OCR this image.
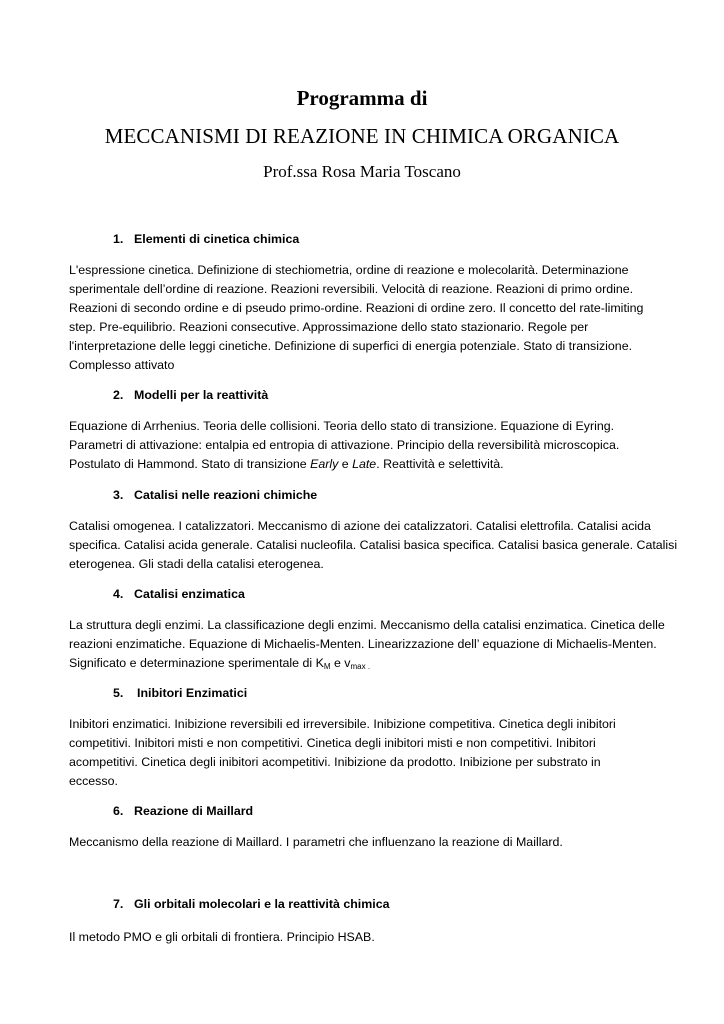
Programma di
MECCANISMI DI REAZIONE IN CHIMICA ORGANICA
Prof.ssa Rosa Maria Toscano
1. Elementi di cinetica chimica
L'espressione cinetica. Definizione di stechiometria, ordine di reazione e molecolarità. Determinazione
sperimentale dell’ordine di reazione. Reazioni reversibili. Velocità di reazione. Reazioni di primo ordine.
Reazioni di secondo ordine e di pseudo primo-ordine. Reazioni di ordine zero. Il concetto del rate-limiting
step. Pre-equilibrio. Reazioni consecutive. Approssimazione dello stato stazionario. Regole per
l'interpretazione delle leggi cinetiche. Definizione di superfici di energia potenziale. Stato di transizione.
Complesso attivato
2. Modelli per la reattività
Equazione di Arrhenius. Teoria delle collisioni. Teoria dello stato di transizione. Equazione di Eyring.
Parametri di attivazione: entalpia ed entropia di attivazione. Principio della reversibilità microscopica.
Postulato di Hammond. Stato di transizione Early e Late. Reattività e selettività.
3. Catalisi nelle reazioni chimiche
Catalisi omogenea. I catalizzatori. Meccanismo di azione dei catalizzatori. Catalisi elettrofila. Catalisi acida
specifica. Catalisi acida generale. Catalisi nucleofila. Catalisi basica specifica. Catalisi basica generale. Catalisi
eterogenea. Gli stadi della catalisi eterogenea.
4. Catalisi enzimatica
La struttura degli enzimi. La classificazione degli enzimi. Meccanismo della catalisi enzimatica. Cinetica delle
reazioni enzimatiche. Equazione di Michaelis-Menten. Linearizzazione dell’ equazione di Michaelis-Menten.
Significato e determinazione sperimentale di $K_M$ e $v_{max .}$
5. Inibitori Enzimatici
Inibitori enzimatici. Inibizione reversibili ed irreversibile. Inibizione competitiva. Cinetica degli inibitori
competitivi. Inibitori misti e non competitivi. Cinetica degli inibitori misti e non competitivi. Inibitori
acompetitivi. Cinetica degli inibitori acompetitivi. Inibizione da prodotto. Inibizione per substrato in
eccesso.
6. Reazione di Maillard
Meccanismo della reazione di Maillard. I parametri che influenzano la reazione di Maillard.
7. Gli orbitali molecolari e la reattività chimica
Il metodo PMO e gli orbitali di frontiera. Principio HSAB.
